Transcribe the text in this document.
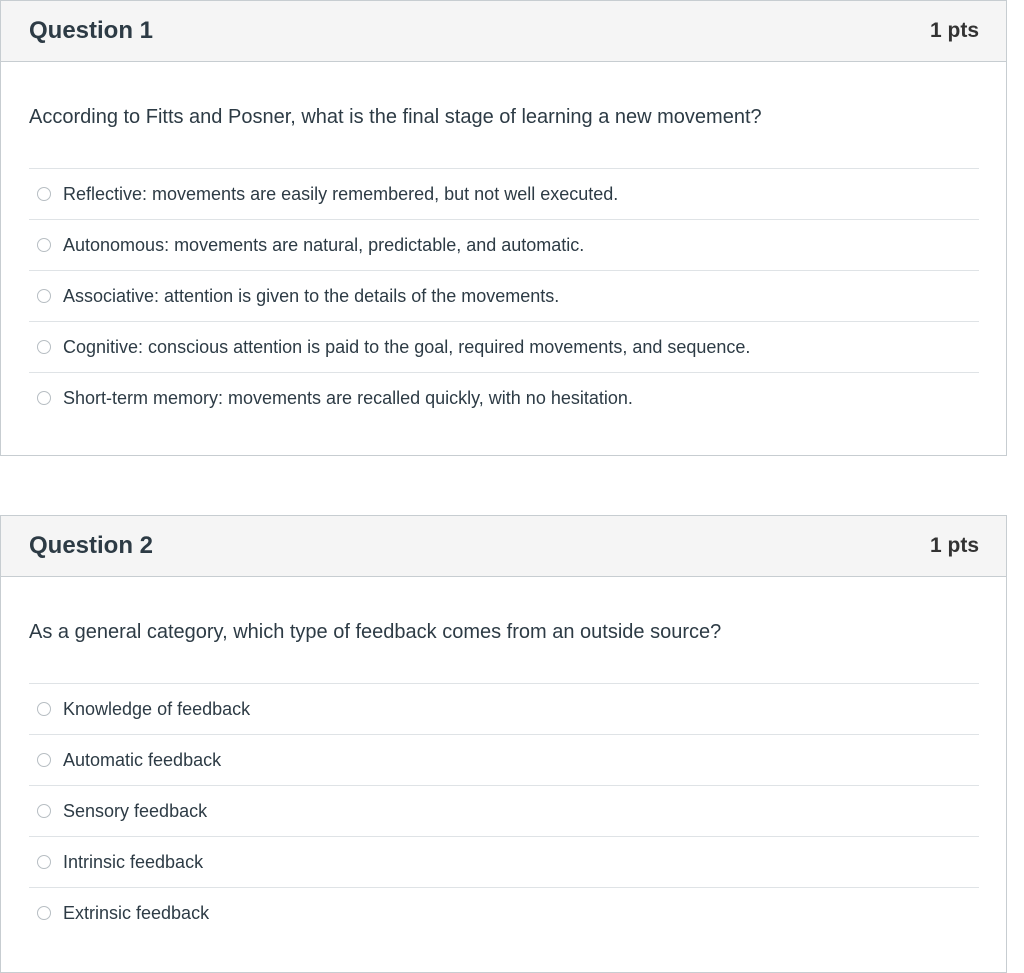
Question 1	1 pts
According to Fitts and Posner, what is the final stage of learning a new movement?
Reflective: movements are easily remembered, but not well executed.
Autonomous: movements are natural, predictable, and automatic.
Associative: attention is given to the details of the movements.
Cognitive: conscious attention is paid to the goal, required movements, and sequence.
Short-term memory: movements are recalled quickly, with no hesitation.
Question 2	1 pts
As a general category, which type of feedback comes from an outside source?
Knowledge of feedback
Automatic feedback
Sensory feedback
Intrinsic feedback
Extrinsic feedback
